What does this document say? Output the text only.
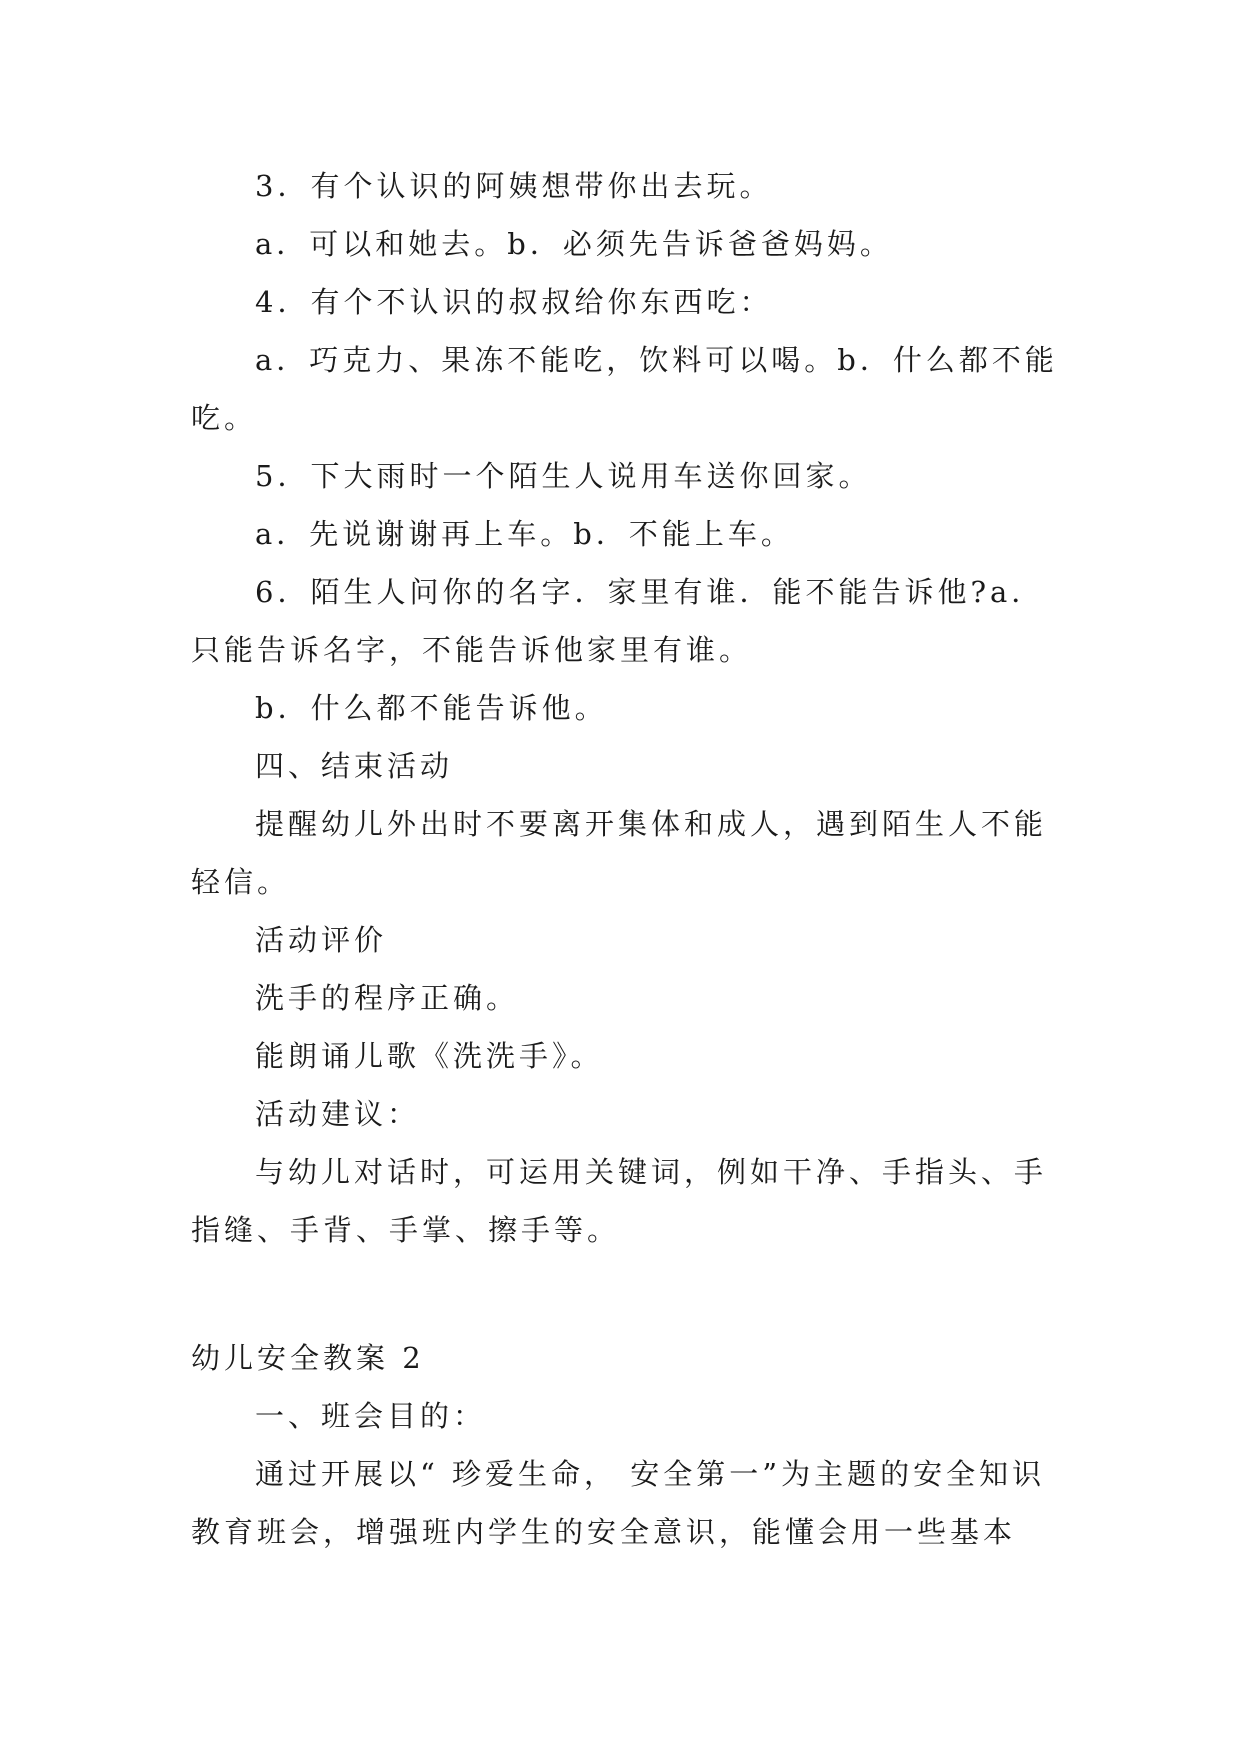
3．有个认识的阿姨想带你出去玩。

a．可以和她去。b．必须先告诉爸爸妈妈。

4．有个不认识的叔叔给你东西吃：

a．巧克力、果冻不能吃，饮料可以喝。b．什么都不能吃。

5．下大雨时一个陌生人说用车送你回家。

a．先说谢谢再上车。b．不能上车。

6．陌生人问你的名字．家里有谁．能不能告诉他?a．只能告诉名字，不能告诉他家里有谁。

b．什么都不能告诉他。

四、结束活动

提醒幼儿外出时不要离开集体和成人，遇到陌生人不能轻信。

活动评价

洗手的程序正确。

能朗诵儿歌《洗洗手》。

活动建议：

与幼儿对话时，可运用关键词，例如干净、手指头、手指缝、手背、手掌、擦手等。

幼儿安全教案 2

一、班会目的：

通过开展以“ 珍爱生命， 安全第一”为主题的安全知识教育班会，增强班内学生的安全意识，能懂会用一些基本
